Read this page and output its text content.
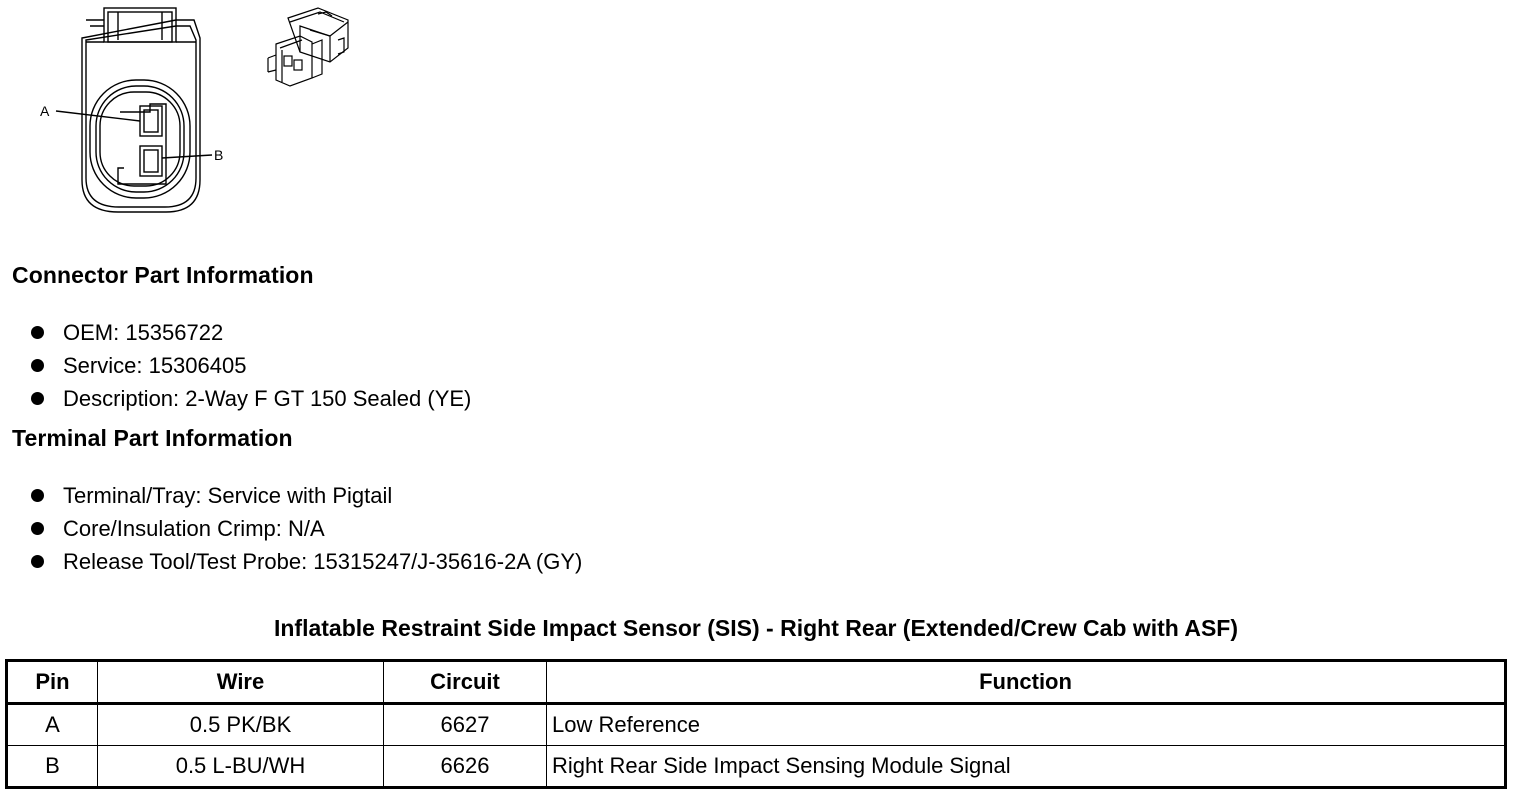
A
B
Connector Part Information
OEM: 15356722
Service: 15306405
Description: 2-Way F GT 150 Sealed (YE)
Terminal Part Information
Terminal/Tray: Service with Pigtail
Core/Insulation Crimp: N/A
Release Tool/Test Probe: 15315247/J-35616-2A (GY)
Inflatable Restraint Side Impact Sensor (SIS) - Right Rear (Extended/Crew Cab with ASF)
Pin	Wire	Circuit	Function
A	0.5 PK/BK	6627	Low Reference
B	0.5 L-BU/WH	6626	Right Rear Side Impact Sensing Module Signal
